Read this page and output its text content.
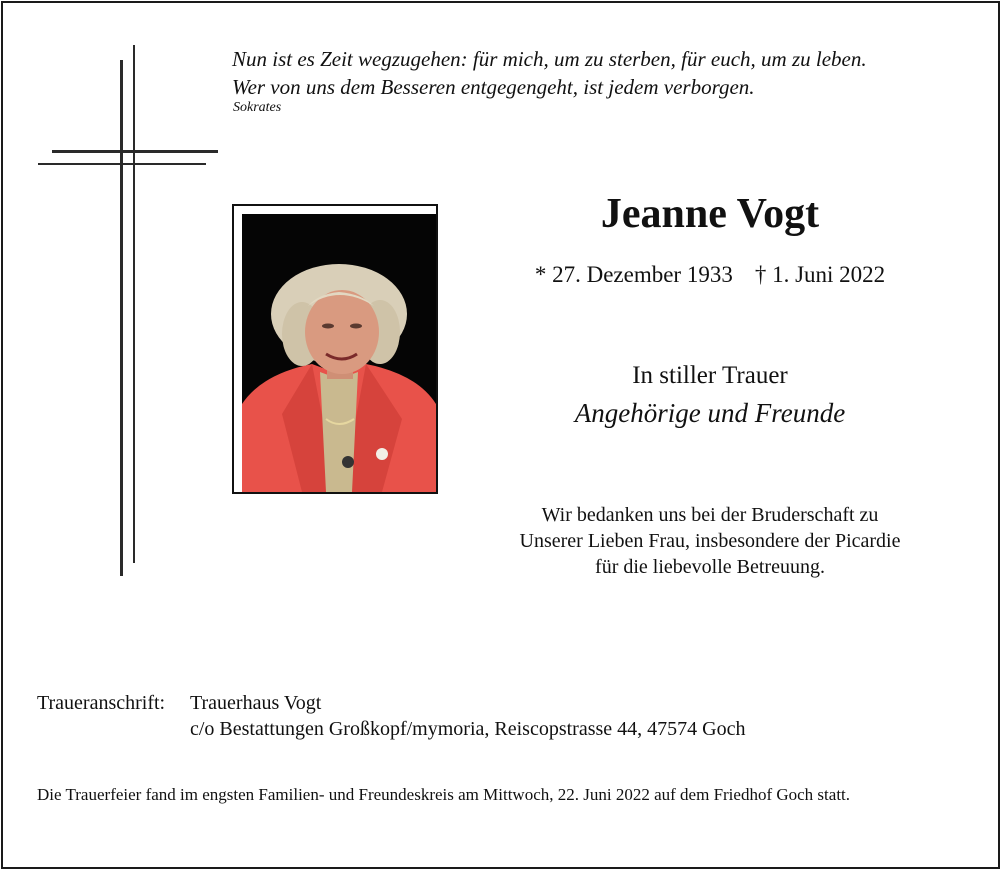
Nun ist es Zeit wegzugehen: für mich, um zu sterben, für euch, um zu leben.
Wer von uns dem Besseren entgegengeht, ist jedem verborgen.
Sokrates
Jeanne Vogt
* 27. Dezember 1933 † 1. Juni 2022
In stiller Trauer
Angehörige und Freunde
Wir bedanken uns bei der Bruderschaft zu
Unserer Lieben Frau, insbesondere der Picardie
für die liebevolle Betreuung.
Traueranschrift: Trauerhaus Vogt
c/o Bestattungen Großkopf/mymoria, Reiscopstrasse 44, 47574 Goch
Die Trauerfeier fand im engsten Familien- und Freundeskreis am Mittwoch, 22. Juni 2022 auf dem Friedhof Goch statt.
